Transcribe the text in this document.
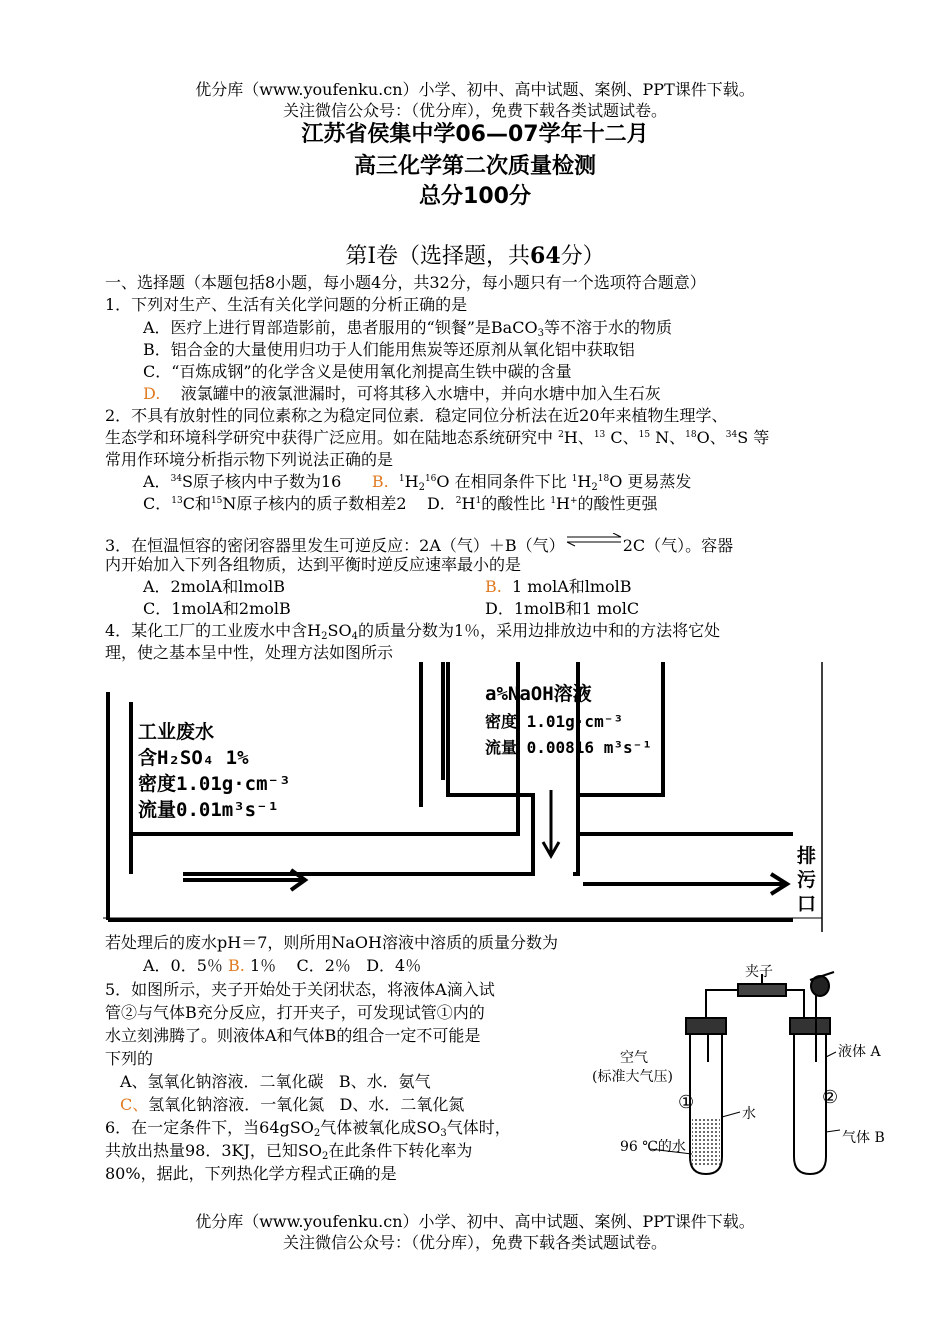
优分库（www.youfenku.cn）小学、初中、高中试题、案例、PPT课件下载。
关注微信公众号：（优分库），免费下载各类试题试卷。
江苏省侯集中学06—07学年十二月
高三化学第二次质量检测
总分100分
第Ⅰ卷（选择题，共64分）
一、选择题（本题包括8小题，每小题4分，共32分，每小题只有一个选项符合题意）
1．下列对生产、生活有关化学问题的分析正确的是
A．医疗上进行胃部造影前，患者服用的“钡餐”是BaCO$_3$等不溶于水的物质
B．铝合金的大量使用归功于人们能用焦炭等还原剂从氧化铝中获取铝
C．“百炼成钢”的化学含义是使用氧化剂提高生铁中碳的含量
D. 液氯罐中的液氯泄漏时，可将其移入水塘中，并向水塘中加入生石灰
2．不具有放射性的同位素称之为稳定同位素．稳定同位分析法在近20年来植物生理学、
生态学和环境科学研究中获得广泛应用。如在陆地态系统研究中 $^2$H、$^{13}$ C、$^{15}$ N、$^{18}$O、$^{34}$S 等
常用作环境分析指示物下列说法正确的是
A．$^{34}$S原子核内中子数为16 B. $^1H_2^{16}O$ 在相同条件下比 $^1H_2^{18}O$ 更易蒸发
C．$^{13}$C和$^{15}$N原子核内的质子数相差2 D．$^2H^1$的酸性比 $^1$H+的酸性更强
3．在恒温恒容的密闭容器里发生可逆反应：2A（气）＋B（气）⇌2C（气）。容器
内开始加入下列各组物质，达到平衡时逆反应速率最小的是
A．2molA和lmolB	B. 1 molA和lmolB
C．1molA和2molB	D．1molB和1 molC
4．某化工厂的工业废水中含$H_2SO_4$的质量分数为1％，采用边排放边中和的方法将它处
理，使之基本呈中性，处理方法如图所示
工业废水
含H₂SO₄ 1%
密度1.01g·cm⁻³
流量0.01m³s⁻¹
a%NaOH溶液
密度 1.01g·cm⁻³
流量 0.00816 m³s⁻¹
排
污
口
若处理后的废水pH＝7，则所用NaOH溶液中溶质的质量分数为
A．0．5％ B. 1％ C．2％ D．4％
5．如图所示，夹子开始处于关闭状态，将液体A滴入试
管②与气体B充分反应，打开夹子，可发现试管①内的
水立刻沸腾了。则液体A和气体B的组合一定不可能是
下列的
A、氢氧化钠溶液．二氧化碳 B、水．氨气
C、氢氧化钠溶液．一氧化氮 D、水．二氧化氮
夹子
空气
(标准大气压)
①
水
96 ℃的水
液体 A
②
气体 B
6．在一定条件下，当64gSO$_2$气体被氧化成$SO_3$气体时，
共放出热量98．3KJ，已知$SO_2$在此条件下转化率为
80%，据此，下列热化学方程式正确的是
优分库（www.youfenku.cn）小学、初中、高中试题、案例、PPT课件下载。
关注微信公众号：（优分库），免费下载各类试题试卷。
